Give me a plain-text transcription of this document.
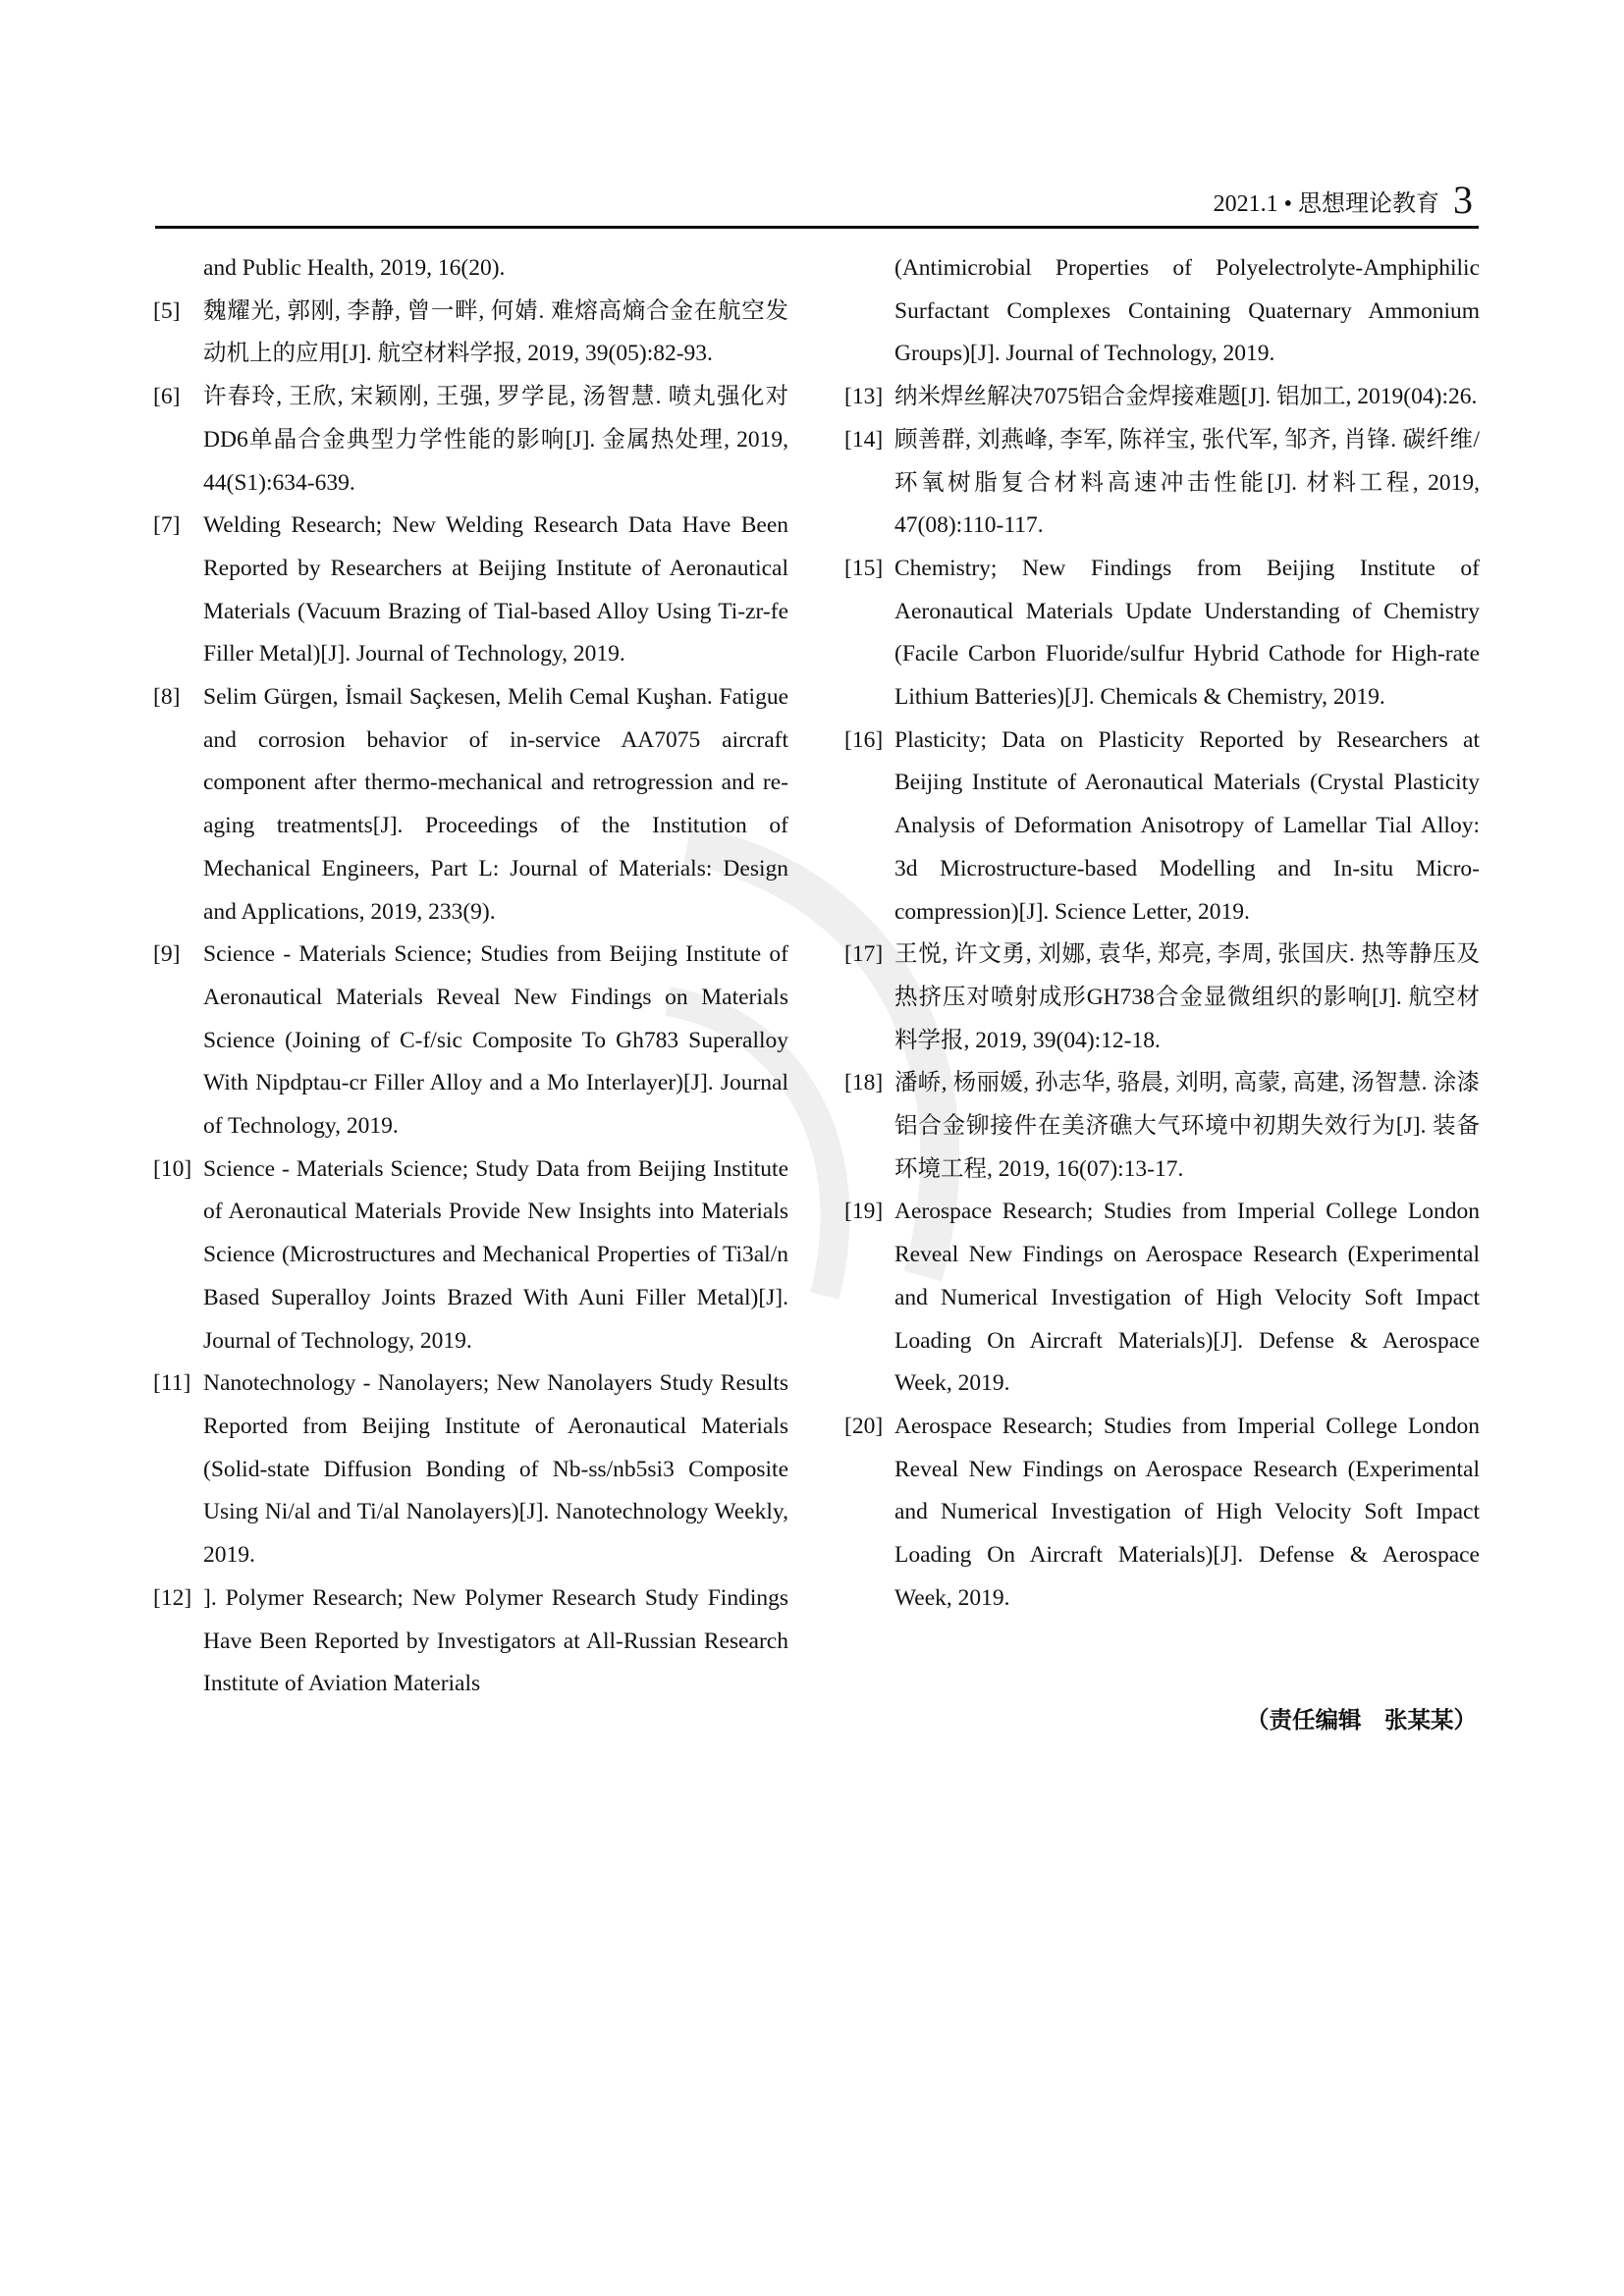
2021.1 • 思想理论教育 3
and Public Health, 2019, 16(20).
[5] 魏耀光, 郭刚, 李静, 曾一畔, 何婧. 难熔高熵合金在航空发动机上的应用[J]. 航空材料学报, 2019, 39(05):82-93.
[6] 许春玲, 王欣, 宋颖刚, 王强, 罗学昆, 汤智慧. 喷丸强化对DD6单晶合金典型力学性能的影响[J]. 金属热处理, 2019, 44(S1):634-639.
[7] Welding Research; New Welding Research Data Have Been Reported by Researchers at Beijing Institute of Aeronautical Materials (Vacuum Brazing of Tial-based Alloy Using Ti-zr-fe Filler Metal)[J]. Journal of Technology, 2019.
[8] Selim Gürgen, İsmail Saçkesen, Melih Cemal Kuşhan. Fatigue and corrosion behavior of in-service AA7075 aircraft component after thermo-mechanical and retrogression and re-aging treatments[J]. Proceedings of the Institution of Mechanical Engineers, Part L: Journal of Materials: Design and Applications, 2019, 233(9).
[9] Science - Materials Science; Studies from Beijing Institute of Aeronautical Materials Reveal New Findings on Materials Science (Joining of C-f/sic Composite To Gh783 Superalloy With Nipdptau-cr Filler Alloy and a Mo Interlayer)[J]. Journal of Technology, 2019.
[10] Science - Materials Science; Study Data from Beijing Institute of Aeronautical Materials Provide New Insights into Materials Science (Microstructures and Mechanical Properties of Ti3al/n Based Superalloy Joints Brazed With Auni Filler Metal)[J]. Journal of Technology, 2019.
[11] Nanotechnology - Nanolayers; New Nanolayers Study Results Reported from Beijing Institute of Aeronautical Materials (Solid-state Diffusion Bonding of Nb-ss/nb5si3 Composite Using Ni/al and Ti/al Nanolayers)[J]. Nanotechnology Weekly, 2019.
[12] ]. Polymer Research; New Polymer Research Study Findings Have Been Reported by Investigators at All-Russian Research Institute of Aviation Materials
(Antimicrobial Properties of Polyelectrolyte-Amphiphilic Surfactant Complexes Containing Quaternary Ammonium Groups)[J]. Journal of Technology, 2019.
[13] 纳米焊丝解决7075铝合金焊接难题[J]. 铝加工, 2019(04):26.
[14] 顾善群, 刘燕峰, 李军, 陈祥宝, 张代军, 邹齐, 肖锋. 碳纤维/环氧树脂复合材料高速冲击性能[J]. 材料工程, 2019, 47(08):110-117.
[15] Chemistry; New Findings from Beijing Institute of Aeronautical Materials Update Understanding of Chemistry (Facile Carbon Fluoride/sulfur Hybrid Cathode for High-rate Lithium Batteries)[J]. Chemicals & Chemistry, 2019.
[16] Plasticity; Data on Plasticity Reported by Researchers at Beijing Institute of Aeronautical Materials (Crystal Plasticity Analysis of Deformation Anisotropy of Lamellar Tial Alloy: 3d Microstructure-based Modelling and In-situ Micro-compression)[J]. Science Letter, 2019.
[17] 王悦, 许文勇, 刘娜, 袁华, 郑亮, 李周, 张国庆. 热等静压及热挤压对喷射成形GH738合金显微组织的影响[J]. 航空材料学报, 2019, 39(04):12-18.
[18] 潘峤, 杨丽媛, 孙志华, 骆晨, 刘明, 高蒙, 高建, 汤智慧. 涂漆铝合金铆接件在美济礁大气环境中初期失效行为[J]. 装备环境工程, 2019, 16(07):13-17.
[19] Aerospace Research; Studies from Imperial College London Reveal New Findings on Aerospace Research (Experimental and Numerical Investigation of High Velocity Soft Impact Loading On Aircraft Materials)[J]. Defense & Aerospace Week, 2019.
[20] Aerospace Research; Studies from Imperial College London Reveal New Findings on Aerospace Research (Experimental and Numerical Investigation of High Velocity Soft Impact Loading On Aircraft Materials)[J]. Defense & Aerospace Week, 2019.
（责任编辑　张某某）
